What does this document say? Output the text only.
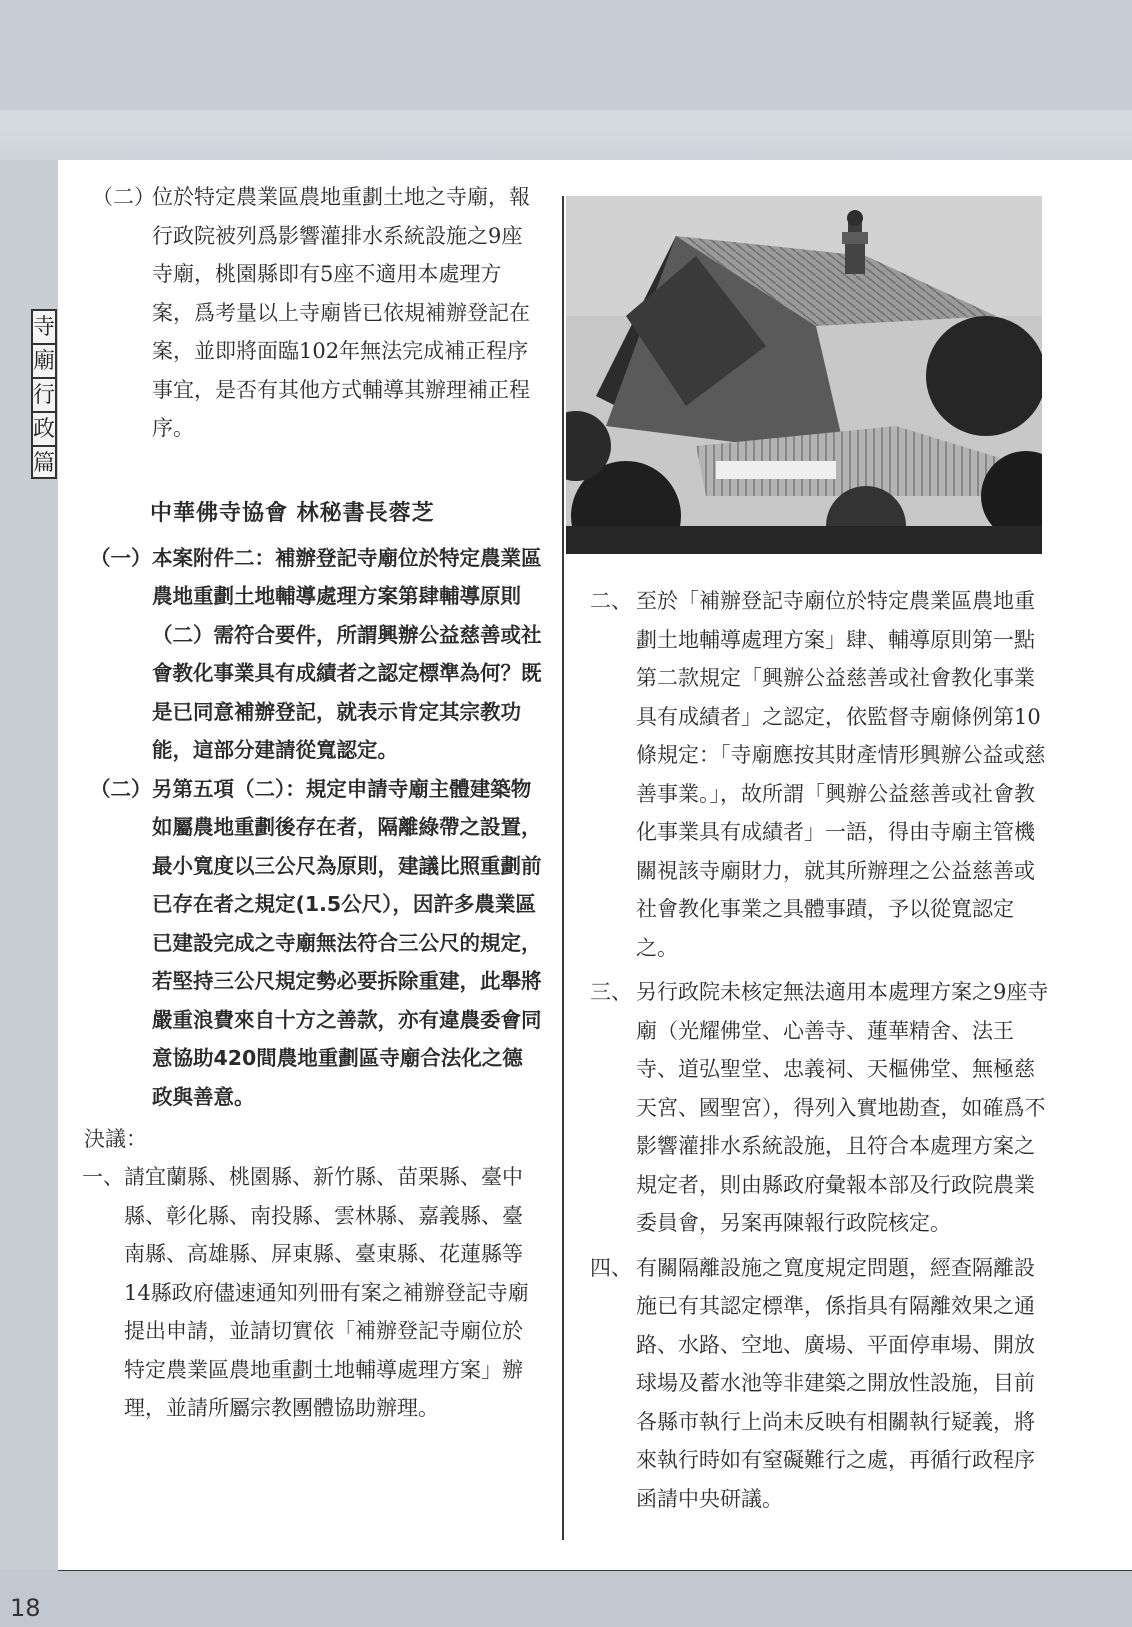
寺
廟
行
政
篇
（二）
位於特定農業區農地重劃土地之寺廟，報行政院被列爲影響灌排水系統設施之9座寺廟，桃園縣即有5座不適用本處理方案，爲考量以上寺廟皆已依規補辦登記在案，並即將面臨102年無法完成補正程序事宜，是否有其他方式輔導其辦理補正程序。
中華佛寺協會 林秘書長蓉芝
（一） 本案附件二：補辦登記寺廟位於特定農業區農地重劃土地輔導處理方案第肆輔導原則（二）需符合要件，所謂興辦公益慈善或社會教化事業具有成績者之認定標準為何？既是已同意補辦登記，就表示肯定其宗教功能，這部分建請從寬認定。
（二） 另第五項（二）：規定申請寺廟主體建築物如屬農地重劃後存在者，隔離綠帶之設置，最小寬度以三公尺為原則，建議比照重劃前已存在者之規定(1.5公尺），因許多農業區已建設完成之寺廟無法符合三公尺的規定，若堅持三公尺規定勢必要拆除重建，此舉將嚴重浪費來自十方之善款，亦有違農委會同意協助420間農地重劃區寺廟合法化之德政與善意。
決議：
一、 請宜蘭縣、桃園縣、新竹縣、苗栗縣、臺中縣、彰化縣、南投縣、雲林縣、嘉義縣、臺南縣、高雄縣、屏東縣、臺東縣、花蓮縣等14縣政府儘速通知列冊有案之補辦登記寺廟提出申請，並請切實依「補辦登記寺廟位於特定農業區農地重劃土地輔導處理方案」辦理，並請所屬宗教團體協助辦理。
二、 至於「補辦登記寺廟位於特定農業區農地重劃土地輔導處理方案」肆、輔導原則第一點第二款規定「興辦公益慈善或社會教化事業具有成績者」之認定，依監督寺廟條例第10條規定：「寺廟應按其財產情形興辦公益或慈善事業。」，故所謂「興辦公益慈善或社會教化事業具有成績者」一語，得由寺廟主管機關視該寺廟財力，就其所辦理之公益慈善或社會教化事業之具體事蹟，予以從寬認定之。
三、 另行政院未核定無法適用本處理方案之9座寺廟（光耀佛堂、心善寺、蓮華精舍、法王寺、道弘聖堂、忠義祠、天樞佛堂、無極慈天宮、國聖宮），得列入實地勘查，如確爲不影響灌排水系統設施，且符合本處理方案之規定者，則由縣政府彙報本部及行政院農業委員會，另案再陳報行政院核定。
四、 有關隔離設施之寬度規定問題，經查隔離設施已有其認定標準，係指具有隔離效果之通路、水路、空地、廣場、平面停車場、開放球場及蓄水池等非建築之開放性設施，目前各縣市執行上尚未反映有相關執行疑義，將來執行時如有窒礙難行之處，再循行政程序函請中央研議。
18
